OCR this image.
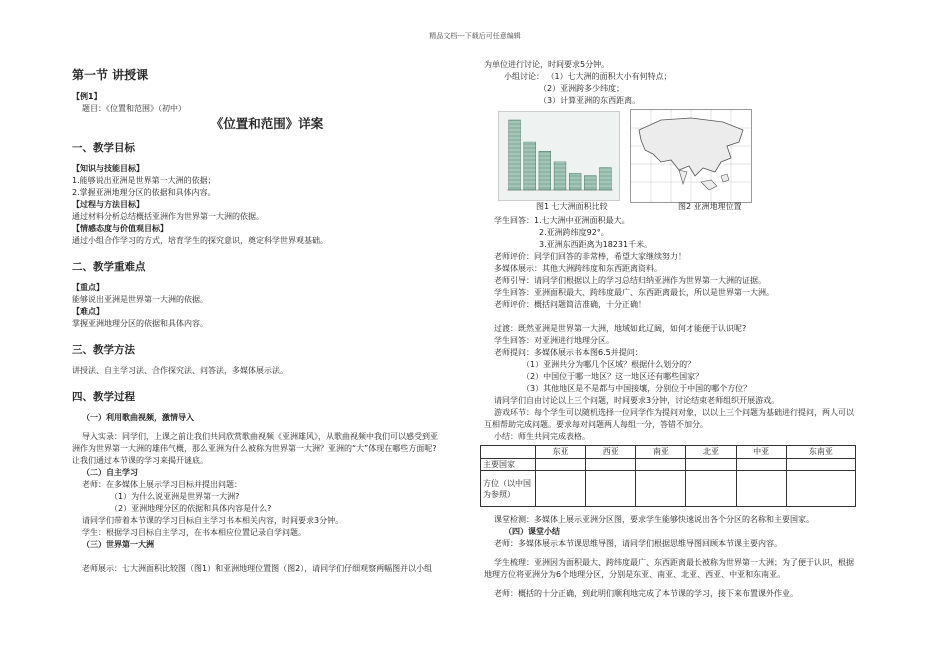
精品文档---下载后可任意编辑

第一节 讲授课

【例1】

题目：《位置和范围》（初中）

《位置和范围》详案

一、教学目标

【知识与技能目标】

1.能够说出亚洲是世界第一大洲的依据；

2.掌握亚洲地理分区的依据和具体内容。

【过程与方法目标】

通过材料分析总结概括亚洲作为世界第一大洲的依据。

【情感态度与价值观目标】

通过小组合作学习的方式，培育学生的探究意识，奠定科学世界观基础。

二、教学重难点

【重点】

能够说出亚洲是世界第一大洲的依据。

【难点】

掌握亚洲地理分区的依据和具体内容。

三、教学方法

讲授法、自主学习法、合作探究法、问答法，多媒体展示法。

四、教学过程

（一）利用歌曲视频，激情导入

导入实录：同学们，上课之前让我们共同欣赏歌曲视频《亚洲雄风》，从歌曲视频中我们可以感受到亚

洲作为世界第一大洲的雄伟气概，那么亚洲为什么被称为世界第一大洲？亚洲的“大”体现在哪些方面呢?

让我们通过本节课的学习来揭开谜底。

（二）自主学习

老师：在多媒体上展示学习目标并提出问题：

（1）为什么说亚洲是世界第一大洲?

（2）亚洲地理分区的依据和具体内容是什么?

请同学们带着本节课的学习目标自主学习书本相关内容，时间要求3分钟。

学生：根据学习目标自主学习，在书本相应位置记录自学问题。

（三）世界第一大洲

老师展示：七大洲面积比较图（图1）和亚洲地理位置图（图2），请同学们仔细观察两幅图并以小组

为单位进行讨论，时间要求5分钟。

小组讨论： （1）七大洲的面积大小有何特点；

（2）亚洲跨多少纬度；

（3）计算亚洲的东西距离。

图1 七大洲面积比较	图2 亚洲地理位置

学生回答：1.七大洲中亚洲面积最大。

2.亚洲跨纬度92°。

3.亚洲东西距离为18231千米。

老师评价：同学们回答的非常棒，希望大家继续努力！

多媒体展示：其他大洲跨纬度和东西距离资料。

老师引导：请同学们根据以上的学习总结归纳亚洲作为世界第一大洲的证据。

学生回答：亚洲面积最大、跨纬度最广、东西距离最长，所以是世界第一大洲。

老师评价：概括问题简洁准确，十分正确！

过渡：既然亚洲是世界第一大洲，地域如此辽阔，如何才能便于认识呢?

学生回答：对亚洲进行地理分区。

老师提问：多媒体展示书本图6.5并提问：

（1）亚洲共分为哪几个区域？根据什么划分的？

（2）中国位于哪一地区？这一地区还有哪些国家？

（3）其他地区是不是都与中国接壤，分别位于中国的哪个方位？

请同学们自由讨论以上三个问题，时间要求3分钟，讨论结束老师组织开展游戏。

游戏环节：每个学生可以随机选择一位同学作为提问对象，以以上三个问题为基础进行提问，两人可以

互相帮助完成问题。要求每对问题两人每组一分，答错不加分。

小结：师生共同完成表格。

	东亚	西亚	南亚	北亚	中亚	东南亚
主要国家						
方位（以中国为参照）						

课堂检测：多媒体上展示亚洲分区图，要求学生能够快速说出各个分区的名称和主要国家。

（四）课堂小结

老师：多媒体展示本节课思维导图，请同学们根据思维导图回顾本节课主要内容。

学生梳理：亚洲因为面积最大、跨纬度最广、东西距离最长被称为世界第一大洲；为了便于认识，根据

地理方位将亚洲分为6个地理分区，分别是东亚、南亚、北亚、西亚、中亚和东南亚。

老师：概括的十分正确，到此明们顺利地完成了本节课的学习，接下来布置课外作业。
